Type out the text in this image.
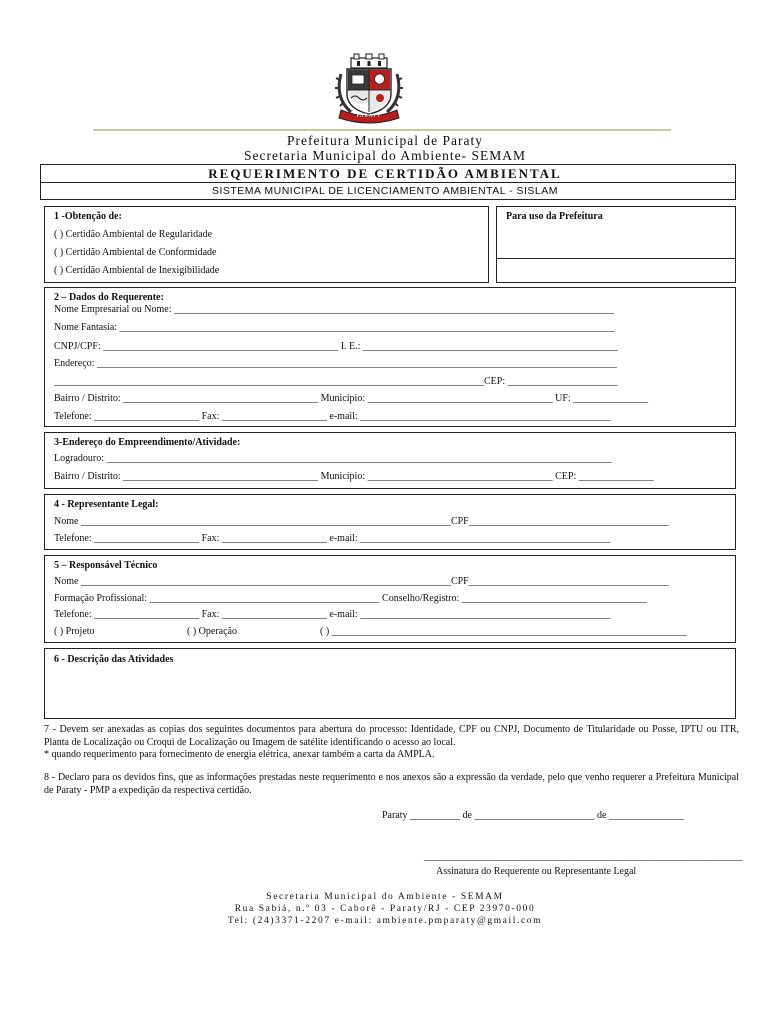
PARATY
Prefeitura Municipal de Paraty
Secretaria Municipal do Ambiente- SEMAM
REQUERIMENTO DE CERTIDÃO AMBIENTAL
SISTEMA MUNICIPAL DE LICENCIAMENTO AMBIENTAL - SISLAM
1 -Obtenção de:
( ) Certidão Ambiental de Regularidade
( ) Certidão Ambiental de Conformidade
( ) Certidão Ambiental de Inexigibilidade
Para uso da Prefeitura
2 – Dados do Requerente:
Nome Empresarial ou Nome: ________________________________________________________________________________________
Nome Fantasia: ___________________________________________________________________________________________________
CNPJ/CPF: _______________________________________________ I. E.: ___________________________________________________
Endereço: ________________________________________________________________________________________________________
______________________________________________________________________________________CEP: ______________________
Bairro / Distrito: _______________________________________ Município: _____________________________________ UF: _______________
Telefone: _____________________ Fax: _____________________ e-mail: __________________________________________________
3-Endereço do Empreendimento/Atividade:
Logradouro: _____________________________________________________________________________________________________
Bairro / Distrito: _______________________________________ Município: _____________________________________ CEP: _______________
4 - Representante Legal:
Nome __________________________________________________________________________CPF________________________________________
Telefone: _____________________ Fax: _____________________ e-mail: __________________________________________________
5 – Responsável Técnico
Nome __________________________________________________________________________CPF________________________________________
Formação Profissional: ______________________________________________ Conselho/Registro: _____________________________________
Telefone: _____________________ Fax: _____________________ e-mail: __________________________________________________
( ) Projeto	( ) Operação	( ) _______________________________________________________________________
6 - Descrição das Atividades
7 - Devem ser anexadas as copias dos seguintes documentos para abertura do processo: Identidade, CPF ou CNPJ, Documento de Titularidade ou Posse, IPTU ou ITR, Planta de Localização ou Croqui de Localização ou Imagem de satélite identificando o acesso ao local.
* quando requerimento para fornecimento de energia elétrica, anexar também a carta da AMPLA.
8 - Declaro para os devidos fins, que as informações prestadas neste requerimento e nos anexos são a expressão da verdade, pelo que venho requerer a Prefeitura Municipal de Paraty - PMP a expedição da respectiva certidão.
Paraty __________ de ________________________ de _______________
________________________________________________________________
Assinatura do Requerente ou Representante Legal
Secretaria Municipal do Ambiente - SEMAM
Rua Sabiá, n.º 03 - Caborê - Paraty/RJ - CEP 23970-000
Tel: (24)3371-2207 e-mail: ambiente.pmparaty@gmail.com
